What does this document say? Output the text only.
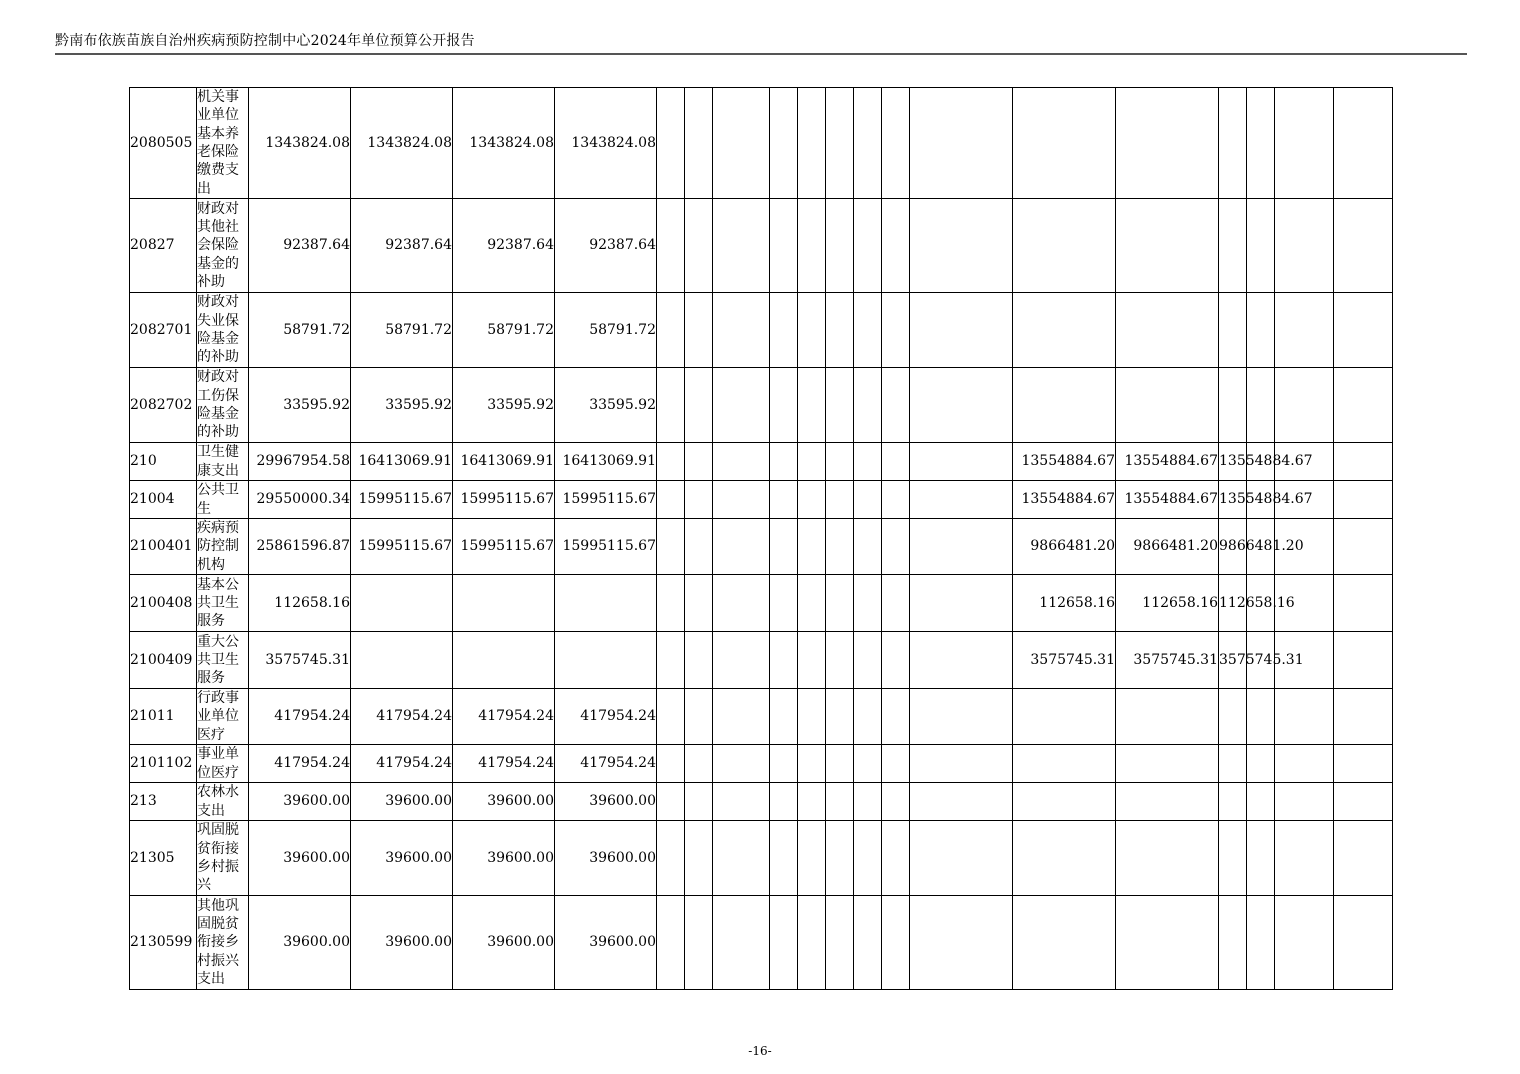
黔南布依族苗族自治州疾病预防控制中心2024年单位预算公开报告
2080505	机关事业单位基本养老保险缴费支出	1343824.08	1343824.08	1343824.08	1343824.08																
20827	财政对其他社会保险基金的补助	92387.64	92387.64	92387.64	92387.64																
2082701	财政对失业保险基金的补助	58791.72	58791.72	58791.72	58791.72																
2082702	财政对工伤保险基金的补助	33595.92	33595.92	33595.92	33595.92																
210	卫生健康支出	29967954.58	16413069.91	16413069.91	16413069.91										13554884.67	13554884.67	13554884.67				
21004	公共卫生	29550000.34	15995115.67	15995115.67	15995115.67										13554884.67	13554884.67	13554884.67				
2100401	疾病预防控制机构	25861596.87	15995115.67	15995115.67	15995115.67										9866481.20	9866481.20	9866481.20				
2100408	基本公共卫生服务	112658.16													112658.16	112658.16	112658.16				
2100409	重大公共卫生服务	3575745.31													3575745.31	3575745.31	3575745.31				
21011	行政事业单位医疗	417954.24	417954.24	417954.24	417954.24																
2101102	事业单位医疗	417954.24	417954.24	417954.24	417954.24																
213	农林水支出	39600.00	39600.00	39600.00	39600.00																
21305	巩固脱贫衔接乡村振兴	39600.00	39600.00	39600.00	39600.00																
2130599	其他巩固脱贫衔接乡村振兴支出	39600.00	39600.00	39600.00	39600.00																
-16-
